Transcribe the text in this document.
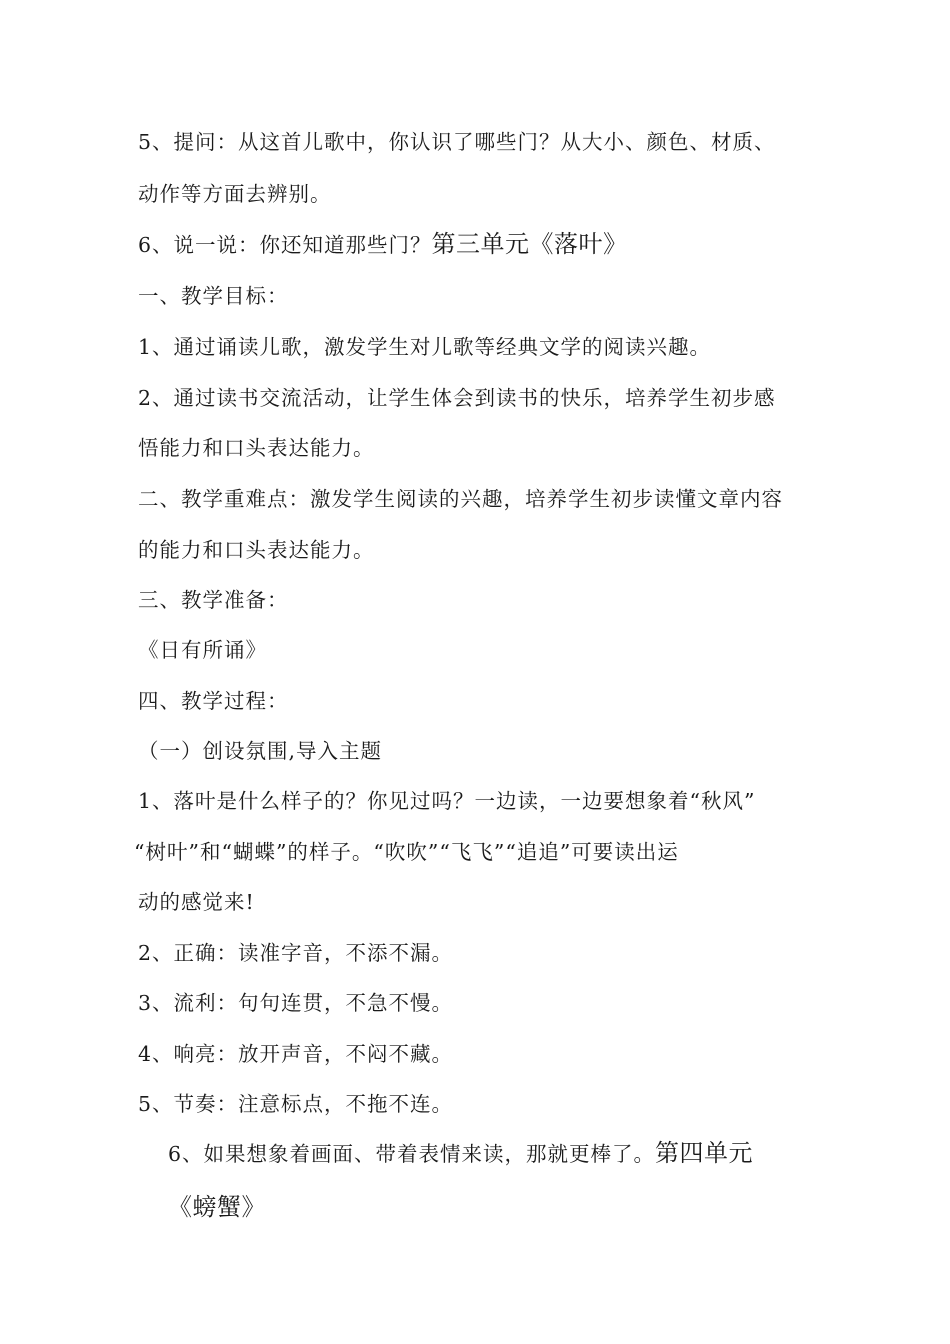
5、提问：从这首儿歌中，你认识了哪些门？从大小、颜色、材质、
动作等方面去辨别。
6、说一说：你还知道那些门？第三单元《落叶》
一、教学目标：
1、通过诵读儿歌，激发学生对儿歌等经典文学的阅读兴趣。
2、通过读书交流活动，让学生体会到读书的快乐，培养学生初步感
悟能力和口头表达能力。
二、教学重难点：激发学生阅读的兴趣，培养学生初步读懂文章内容
的能力和口头表达能力。
三、教学准备：
《日有所诵》
四、教学过程：
（一）创设氛围,导入主题
1、落叶是什么样子的？你见过吗？一边读，一边要想象着“秋风”
“树叶”和“蝴蝶”的样子。“吹吹”“飞飞”“追追”可要读出运
动的感觉来!
2、正确：读准字音，不添不漏。
3、流利：句句连贯，不急不慢。
4、响亮：放开声音，不闷不藏。
5、节奏：注意标点，不拖不连。
6、如果想象着画面、带着表情来读，那就更棒了。第四单元
《螃蟹》
